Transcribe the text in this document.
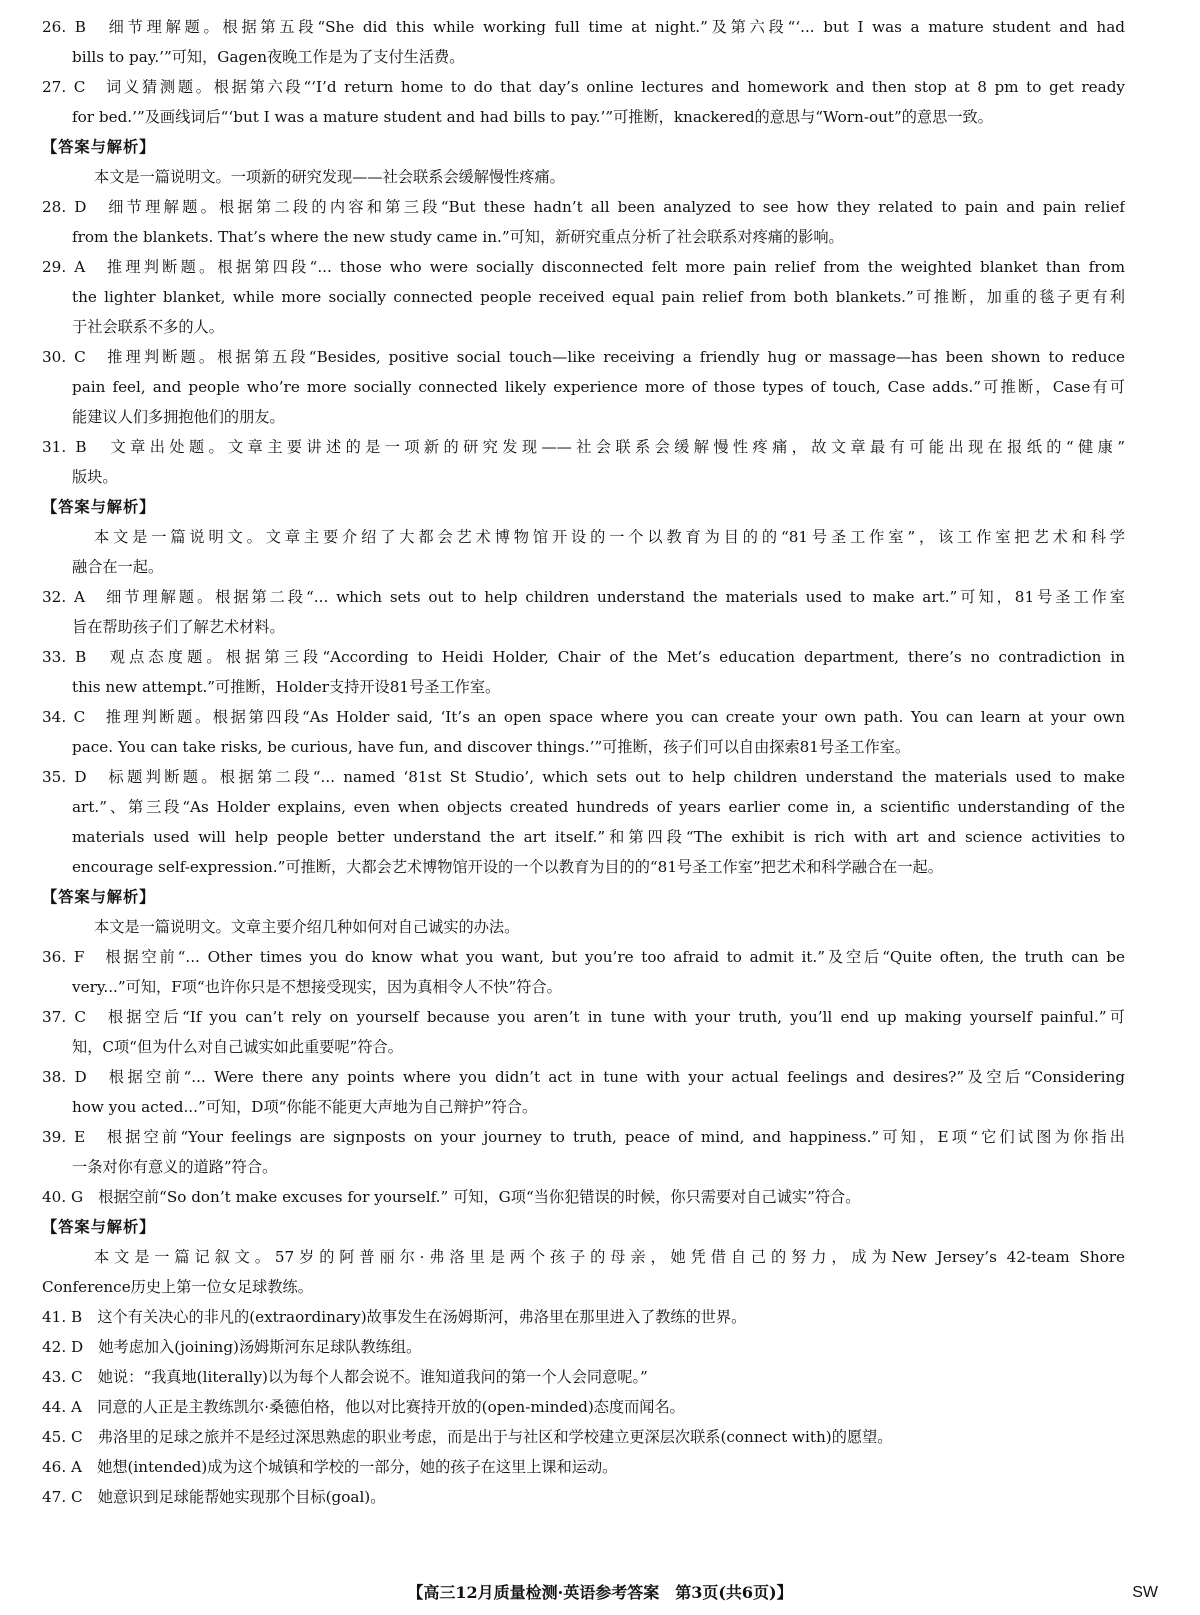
26. B　细节理解题。根据第五段“She did this while working full time at night.”及第六段“‘... but I was a mature student and had
bills to pay.’”可知，Gagen夜晚工作是为了支付生活费。
27. C　词义猜测题。根据第六段“‘I’d return home to do that day’s online lectures and homework and then stop at 8 pm to get ready
for bed.’”及画线词后“‘but I was a mature student and had bills to pay.’”可推断，knackered的意思与“Worn-out”的意思一致。
【答案与解析】
本文是一篇说明文。一项新的研究发现——社会联系会缓解慢性疼痛。
28. D　细节理解题。根据第二段的内容和第三段“But these hadn’t all been analyzed to see how they related to pain and pain relief
from the blankets. That’s where the new study came in.”可知，新研究重点分析了社会联系对疼痛的影响。
29. A　推理判断题。根据第四段“... those who were socially disconnected felt more pain relief from the weighted blanket than from
the lighter blanket, while more socially connected people received equal pain relief from both blankets.”可推断，加重的毯子更有利
于社会联系不多的人。
30. C　推理判断题。根据第五段“Besides, positive social touch—like receiving a friendly hug or massage—has been shown to reduce
pain feel, and people who’re more socially connected likely experience more of those types of touch, Case adds.”可推断，Case有可
能建议人们多拥抱他们的朋友。
31. B　文章出处题。文章主要讲述的是一项新的研究发现——社会联系会缓解慢性疼痛，故文章最有可能出现在报纸的“健康”
版块。
【答案与解析】
本文是一篇说明文。文章主要介绍了大都会艺术博物馆开设的一个以教育为目的的“81号圣工作室”，该工作室把艺术和科学
融合在一起。
32. A　细节理解题。根据第二段“... which sets out to help children understand the materials used to make art.”可知，81号圣工作室
旨在帮助孩子们了解艺术材料。
33. B　观点态度题。根据第三段“According to Heidi Holder, Chair of the Met’s education department, there’s no contradiction in
this new attempt.”可推断，Holder支持开设81号圣工作室。
34. C　推理判断题。根据第四段“As Holder said, ‘It’s an open space where you can create your own path. You can learn at your own
pace. You can take risks, be curious, have fun, and discover things.’”可推断，孩子们可以自由探索81号圣工作室。
35. D　标题判断题。根据第二段“... named ‘81st St Studio’, which sets out to help children understand the materials used to make
art.”、第三段“As Holder explains, even when objects created hundreds of years earlier come in, a scientific understanding of the
materials used will help people better understand the art itself.”和第四段“The exhibit is rich with art and science activities to
encourage self-expression.”可推断，大都会艺术博物馆开设的一个以教育为目的的“81号圣工作室”把艺术和科学融合在一起。
【答案与解析】
本文是一篇说明文。文章主要介绍几种如何对自己诚实的办法。
36. F　根据空前“... Other times you do know what you want, but you’re too afraid to admit it.”及空后“Quite often, the truth can be
very...”可知，F项“也许你只是不想接受现实，因为真相令人不快”符合。
37. C　根据空后“If you can’t rely on yourself because you aren’t in tune with your truth, you’ll end up making yourself painful.”可
知，C项“但为什么对自己诚实如此重要呢”符合。
38. D　根据空前“... Were there any points where you didn’t act in tune with your actual feelings and desires?”及空后“Considering
how you acted...”可知，D项“你能不能更大声地为自己辩护”符合。
39. E　根据空前“Your feelings are signposts on your journey to truth, peace of mind, and happiness.”可知，E项“它们试图为你指出
一条对你有意义的道路”符合。
40. G　根据空前“So don’t make excuses for yourself.” 可知，G项“当你犯错误的时候，你只需要对自己诚实”符合。
【答案与解析】
本文是一篇记叙文。57岁的阿普丽尔·弗洛里是两个孩子的母亲，她凭借自己的努力，成为New Jersey’s 42-team Shore
Conference历史上第一位女足球教练。
41. B　这个有关决心的非凡的(extraordinary)故事发生在汤姆斯河，弗洛里在那里进入了教练的世界。
42. D　她考虑加入(joining)汤姆斯河东足球队教练组。
43. C　她说：“我真地(literally)以为每个人都会说不。谁知道我问的第一个人会同意呢。”
44. A　同意的人正是主教练凯尔·桑德伯格，他以对比赛持开放的(open-minded)态度而闻名。
45. C　弗洛里的足球之旅并不是经过深思熟虑的职业考虑，而是出于与社区和学校建立更深层次联系(connect with)的愿望。
46. A　她想(intended)成为这个城镇和学校的一部分，她的孩子在这里上课和运动。
47. C　她意识到足球能帮她实现那个目标(goal)。
【高三12月质量检测·英语参考答案　第3页(共6页)】	SW
